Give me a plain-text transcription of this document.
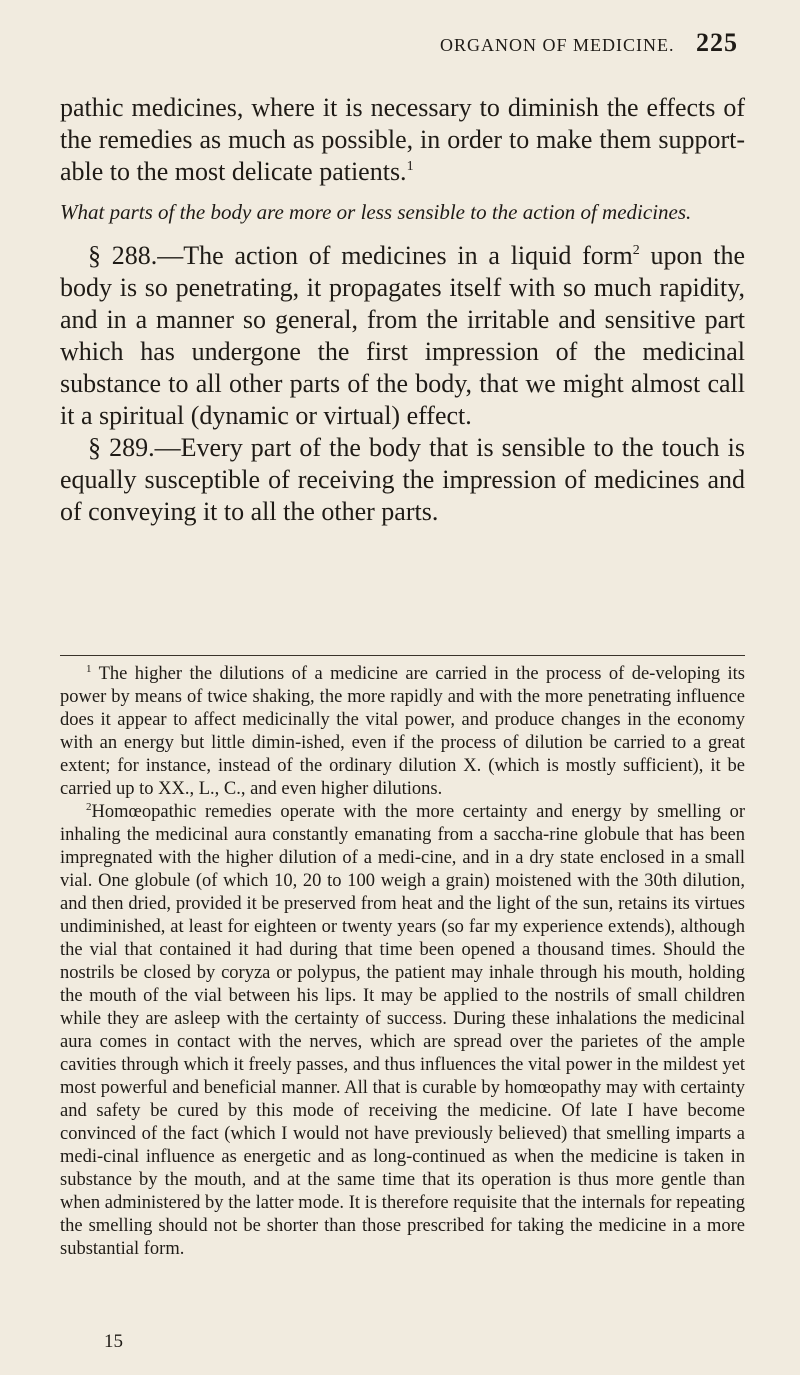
ORGANON OF MEDICINE. 225

pathic medicines, where it is necessary to diminish the effects of the remedies as much as possible, in order to make them support-able to the most delicate patients.$^1$

What parts of the body are more or less sensible to the action of medicines.

§ 288.—The action of medicines in a liquid form$^2$ upon the body is so penetrating, it propagates itself with so much rapidity, and in a manner so general, from the irritable and sensitive part which has undergone the first impression of the medicinal substance to all other parts of the body, that we might almost call it a spiritual (dynamic or virtual) effect.

§ 289.—Every part of the body that is sensible to the touch is equally susceptible of receiving the impression of medicines and of conveying it to all the other parts.

$^1$ The higher the dilutions of a medicine are carried in the process of de-veloping its power by means of twice shaking, the more rapidly and with the more penetrating influence does it appear to affect medicinally the vital power, and produce changes in the economy with an energy but little dimin-ished, even if the process of dilution be carried to a great extent; for instance, instead of the ordinary dilution X. (which is mostly sufficient), it be carried up to XX., L., C., and even higher dilutions.

$^2$Homœopathic remedies operate with the more certainty and energy by smelling or inhaling the medicinal aura constantly emanating from a saccha-rine globule that has been impregnated with the higher dilution of a medi-cine, and in a dry state enclosed in a small vial. One globule (of which 10, 20 to 100 weigh a grain) moistened with the 30th dilution, and then dried, provided it be preserved from heat and the light of the sun, retains its virtues undiminished, at least for eighteen or twenty years (so far my experience extends), although the vial that contained it had during that time been opened a thousand times. Should the nostrils be closed by coryza or polypus, the patient may inhale through his mouth, holding the mouth of the vial between his lips. It may be applied to the nostrils of small children while they are asleep with the certainty of success. During these inhalations the medicinal aura comes in contact with the nerves, which are spread over the parietes of the ample cavities through which it freely passes, and thus influences the vital power in the mildest yet most powerful and beneficial manner. All that is curable by homœopathy may with certainty and safety be cured by this mode of receiving the medicine. Of late I have become convinced of the fact (which I would not have previously believed) that smelling imparts a medi-cinal influence as energetic and as long-continued as when the medicine is taken in substance by the mouth, and at the same time that its operation is thus more gentle than when administered by the latter mode. It is therefore requisite that the internals for repeating the smelling should not be shorter than those prescribed for taking the medicine in a more substantial form.

15
